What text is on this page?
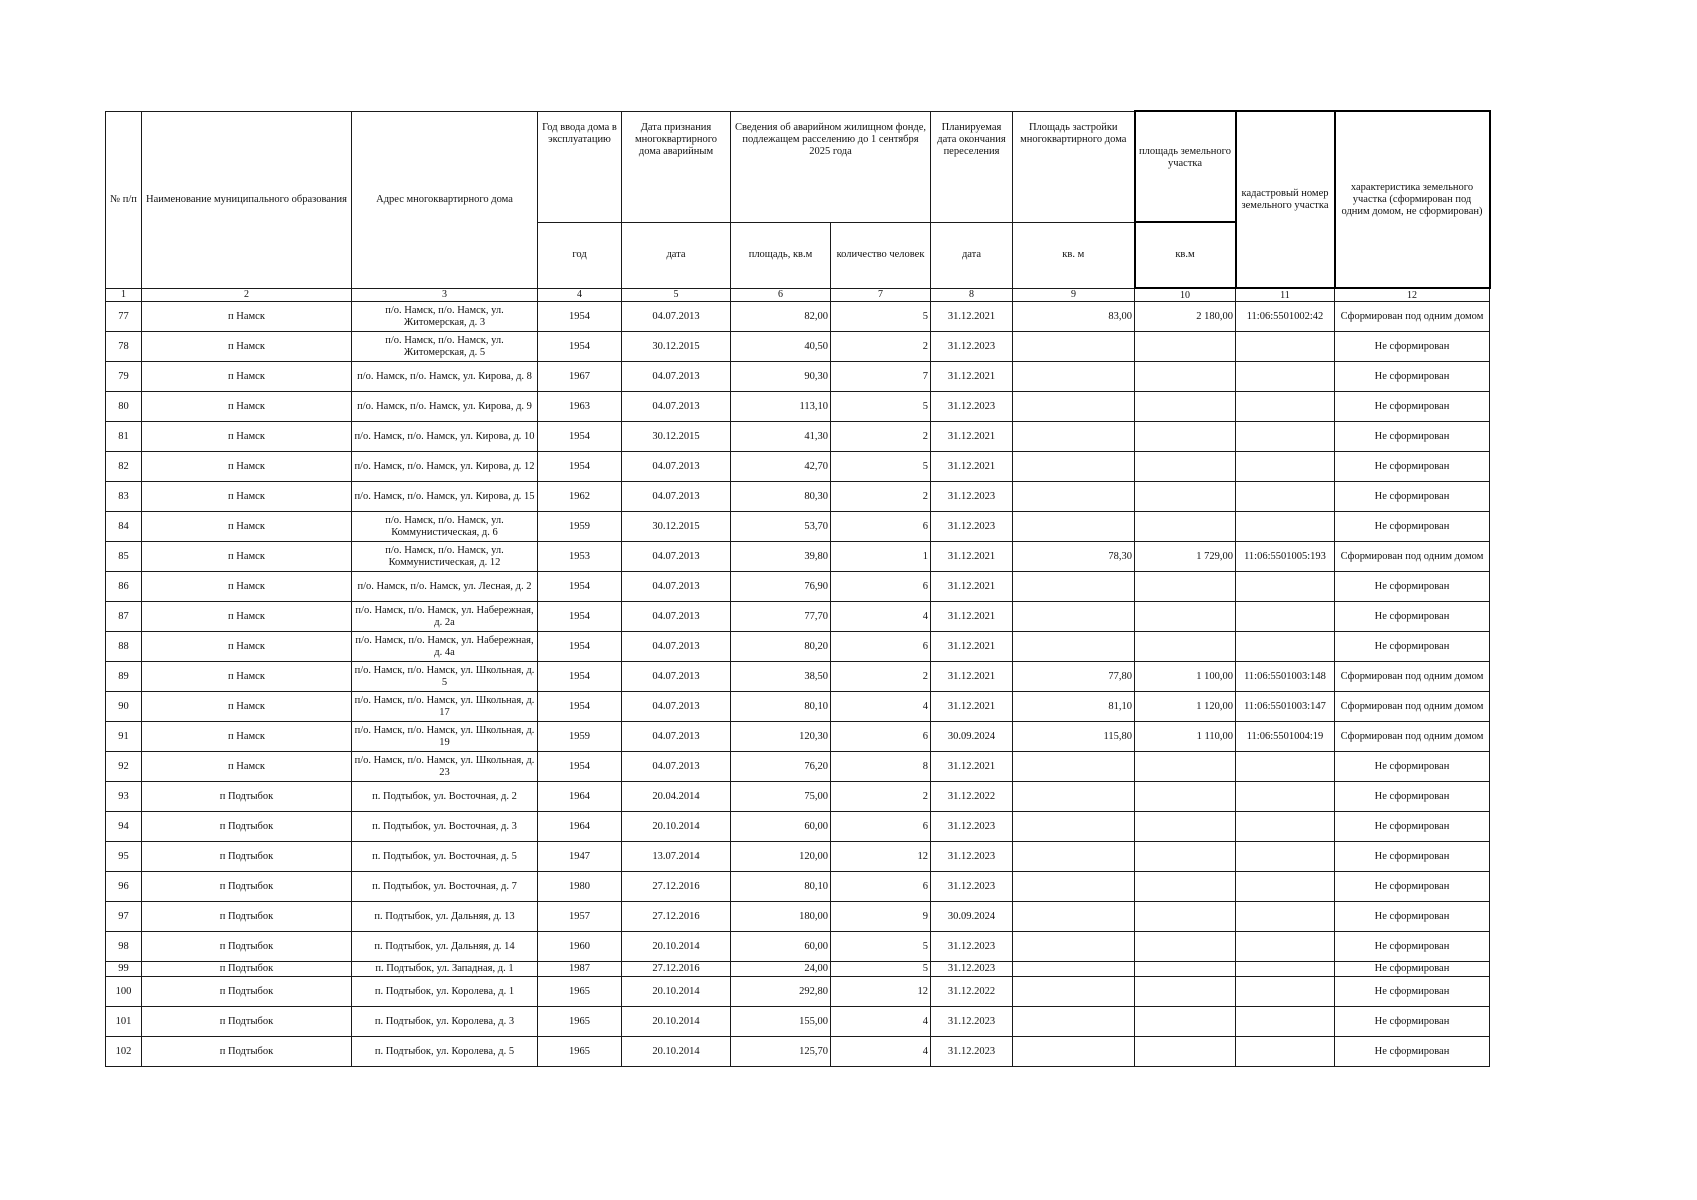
№ п/п	Наименование муниципального образования	Адрес многоквартирного дома	Год ввода дома в эксплуатацию	Дата признания многоквартирного дома аварийным	Сведения об аварийном жилищном фонде, подлежащем расселению до 1 сентября 2025 года		Планируемая дата окончания переселения	Площадь застройки многоквартирного дома	площадь земельного участка	кадастровый номер земельного участка	характеристика земельного участка (сформирован под одним домом, не сформирован)
			год	дата	площадь, кв.м	количество человек	дата	кв. м	кв.м		
1	2	3	4	5	6	7	8	9	10	11	12
77	п Намск	п/о. Намск, п/о. Намск, ул. Житомерская, д. 3	1954	04.07.2013	82,00	5	31.12.2021	83,00	2 180,00	11:06:5501002:42	Сформирован под одним домом
78	п Намск	п/о. Намск, п/о. Намск, ул. Житомерская, д. 5	1954	30.12.2015	40,50	2	31.12.2023				Не сформирован
79	п Намск	п/о. Намск, п/о. Намск, ул. Кирова, д. 8	1967	04.07.2013	90,30	7	31.12.2021				Не сформирован
80	п Намск	п/о. Намск, п/о. Намск, ул. Кирова, д. 9	1963	04.07.2013	113,10	5	31.12.2023				Не сформирован
81	п Намск	п/о. Намск, п/о. Намск, ул. Кирова, д. 10	1954	30.12.2015	41,30	2	31.12.2021				Не сформирован
82	п Намск	п/о. Намск, п/о. Намск, ул. Кирова, д. 12	1954	04.07.2013	42,70	5	31.12.2021				Не сформирован
83	п Намск	п/о. Намск, п/о. Намск, ул. Кирова, д. 15	1962	04.07.2013	80,30	2	31.12.2023				Не сформирован
84	п Намск	п/о. Намск, п/о. Намск, ул. Коммунистическая, д. 6	1959	30.12.2015	53,70	6	31.12.2023				Не сформирован
85	п Намск	п/о. Намск, п/о. Намск, ул. Коммунистическая, д. 12	1953	04.07.2013	39,80	1	31.12.2021	78,30	1 729,00	11:06:5501005:193	Сформирован под одним домом
86	п Намск	п/о. Намск, п/о. Намск, ул. Лесная, д. 2	1954	04.07.2013	76,90	6	31.12.2021				Не сформирован
87	п Намск	п/о. Намск, п/о. Намск, ул. Набережная, д. 2а	1954	04.07.2013	77,70	4	31.12.2021				Не сформирован
88	п Намск	п/о. Намск, п/о. Намск, ул. Набережная, д. 4а	1954	04.07.2013	80,20	6	31.12.2021				Не сформирован
89	п Намск	п/о. Намск, п/о. Намск, ул. Школьная, д. 5	1954	04.07.2013	38,50	2	31.12.2021	77,80	1 100,00	11:06:5501003:148	Сформирован под одним домом
90	п Намск	п/о. Намск, п/о. Намск, ул. Школьная, д. 17	1954	04.07.2013	80,10	4	31.12.2021	81,10	1 120,00	11:06:5501003:147	Сформирован под одним домом
91	п Намск	п/о. Намск, п/о. Намск, ул. Школьная, д. 19	1959	04.07.2013	120,30	6	30.09.2024	115,80	1 110,00	11:06:5501004:19	Сформирован под одним домом
92	п Намск	п/о. Намск, п/о. Намск, ул. Школьная, д. 23	1954	04.07.2013	76,20	8	31.12.2021				Не сформирован
93	п Подтыбок	п. Подтыбок, ул. Восточная, д. 2	1964	20.04.2014	75,00	2	31.12.2022				Не сформирован
94	п Подтыбок	п. Подтыбок, ул. Восточная, д. 3	1964	20.10.2014	60,00	6	31.12.2023				Не сформирован
95	п Подтыбок	п. Подтыбок, ул. Восточная, д. 5	1947	13.07.2014	120,00	12	31.12.2023				Не сформирован
96	п Подтыбок	п. Подтыбок, ул. Восточная, д. 7	1980	27.12.2016	80,10	6	31.12.2023				Не сформирован
97	п Подтыбок	п. Подтыбок, ул. Дальняя, д. 13	1957	27.12.2016	180,00	9	30.09.2024				Не сформирован
98	п Подтыбок	п. Подтыбок, ул. Дальняя, д. 14	1960	20.10.2014	60,00	5	31.12.2023				Не сформирован
99	п Подтыбок	п. Подтыбок, ул. Западная, д. 1	1987	27.12.2016	24,00	5	31.12.2023				Не сформирован
100	п Подтыбок	п. Подтыбок, ул. Королева, д. 1	1965	20.10.2014	292,80	12	31.12.2022				Не сформирован
101	п Подтыбок	п. Подтыбок, ул. Королева, д. 3	1965	20.10.2014	155,00	4	31.12.2023				Не сформирован
102	п Подтыбок	п. Подтыбок, ул. Королева, д. 5	1965	20.10.2014	125,70	4	31.12.2023				Не сформирован
